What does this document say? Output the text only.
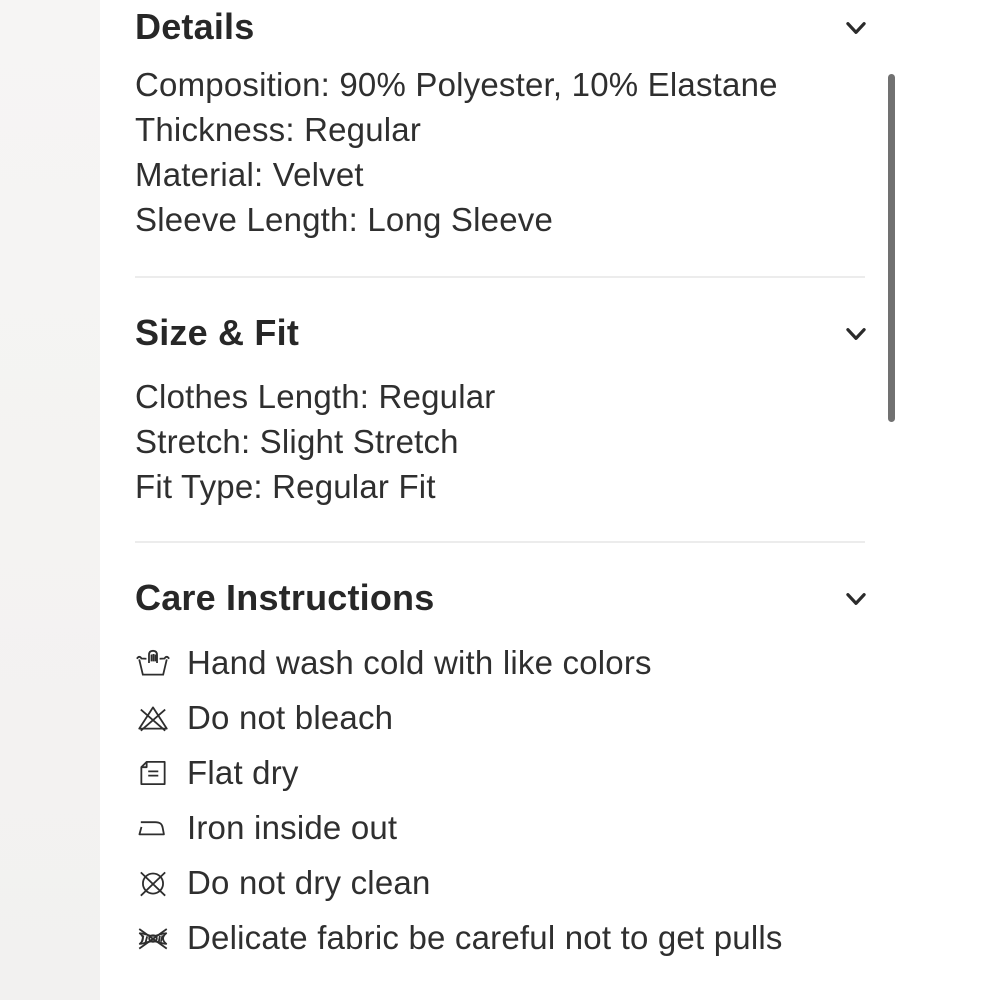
Details
Composition: 90% Polyester, 10% Elastane
Thickness: Regular
Material: Velvet
Sleeve Length: Long Sleeve
Size & Fit
Clothes Length: Regular
Stretch: Slight Stretch
Fit Type: Regular Fit
Care Instructions
Hand wash cold with like colors
Do not bleach
Flat dry
Iron inside out
Do not dry clean
Delicate fabric be careful not to get pulls
